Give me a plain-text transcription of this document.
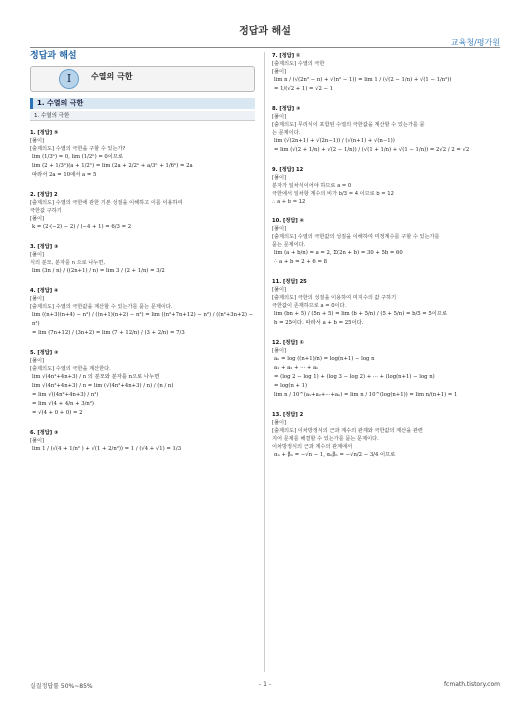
정답과 해설
교육청/평가원
정답과 해설
I	수열의 극한
1. 수열의 극한
1. 수열의 극한
1. [정답] ⑤
[풀이]
[출제의도] 수열의 극한을 구할 수 있는가?
lim (1/3ⁿ) = 0, lim (1/2ⁿ) = 0이므로
lim (2 + 1/3ⁿ)(a + 1/2ⁿ) = lim (2a + 2/2ⁿ + a/3ⁿ + 1/6ⁿ) = 2a
따라서 2a = 10에서 a = 5
2. [정답] 2
[출제의도] 수열의 극한에 관한 기본 성질을 이해하고 이를 이용하여
극한값 구하기
[풀이]
k = (2·(−2) − 2) / (−4 + 1) = 6/3 = 2
3. [정답] ③
[풀이]
식의 분모, 분자를 n 으로 나누면,
lim (3n / n) / ((2n+1) / n) = lim 3 / (2 + 1/n) = 3/2
4. [정답] ④
[풀이]
[출제의도] 수열의 극한값을 계산할 수 있는가를 묻는 문제이다.
lim ((n+3)(n+4) − n²) / ((n+1)(n+2) − n²) = lim ((n²+7n+12) − n²) / ((n²+3n+2) − n²)
= lim (7n+12) / (3n+2) = lim (7 + 12/n) / (3 + 2/n) = 7/3
5. [정답] ②
[풀이]
[출제의도] 수열의 극한을 계산한다.
lim √(4n²+4n+3) / n 의 분모와 분자를 n으로 나누면
lim √(4n²+4n+3) / n = lim (√(4n²+4n+3) / n) / (n / n)
= lim √((4n²+4n+3) / n²)
= lim √(4 + 4/n + 3/n²)
= √(4 + 0 + 0) = 2
6. [정답] ③
[풀이]
lim 1 / (√(4 + 1/n² ) + √(1 + 2/n²)) = 1 / (√4 + √1) = 1/3
7. [정답] ①
[출제의도] 수열의 극한
[풀이]
lim n / (√(2n² − n) + √(n² − 1)) = lim 1 / (√(2 − 1/n) + √(1 − 1/n²))
= 1/(√2 + 1) = √2 − 1
8. [정답] ②
[풀이]
[출제의도] 무리식이 포함된 수열의 극한값을 계산할 수 있는가를 묻
는 문제이다.
lim (√(2n+1) + √(2n−1)) / (√(n+1) + √(n−1))
= lim (√(2 + 1/n) + √(2 − 1/n)) / (√(1 + 1/n) + √(1 − 1/n)) = 2√2 / 2 = √2
9. [정답] 12
[풀이]
분자가 일차식이어야 하므로 a = 0
극한에서 일차항 계수의 비가 b/3 = 4 이므로 b = 12
∴ a + b = 12
10. [정답] ④
[풀이]
[출제의도] 수열의 극한값의 성질을 이해하여 미정계수를 구할 수 있는가를
묻는 문제이다.
lim (a + b/n) = a = 2, Σ(2n + b) = 30 + 5b = 60
∴ a + b = 2 + 6 = 8
11. [정답] 25
[풀이]
[출제의도] 극한의 성질을 이용하여 미지수의 값 구하기
극한값이 존재하므로 a = 0이다.
lim (bn + 5) / (5n + 5) = lim (b + 5/n) / (5 + 5/n) = b/5 = 5이므로
b = 25이다. 따라서 a + b = 25이다.
12. [정답] ①
[풀이]
aₙ = log ((n+1)/n) = log(n+1) − log n
a₁ + a₂ + ··· + aₙ
= (log 2 − log 1) + (log 3 − log 2) + ··· + (log(n+1) − log n)
= log(n + 1)
lim n / 10^(a₁+a₂+···+aₙ) = lim n / 10^(log(n+1)) = lim n/(n+1) = 1
13. [정답] 2
[풀이]
[출제의도] 이차방정식의 근과 계수의 관계와 극한값의 계산을 관련
지어 문제를 해결할 수 있는가를 묻는 문제이다.
이차방정식의 근과 계수의 관계에서
αₙ + βₙ = −√n − 1, αₙβₙ = −√n/2 − 3/4 이므로
실질정답률 50%~85%	- 1 -	fcmath.tistory.com
